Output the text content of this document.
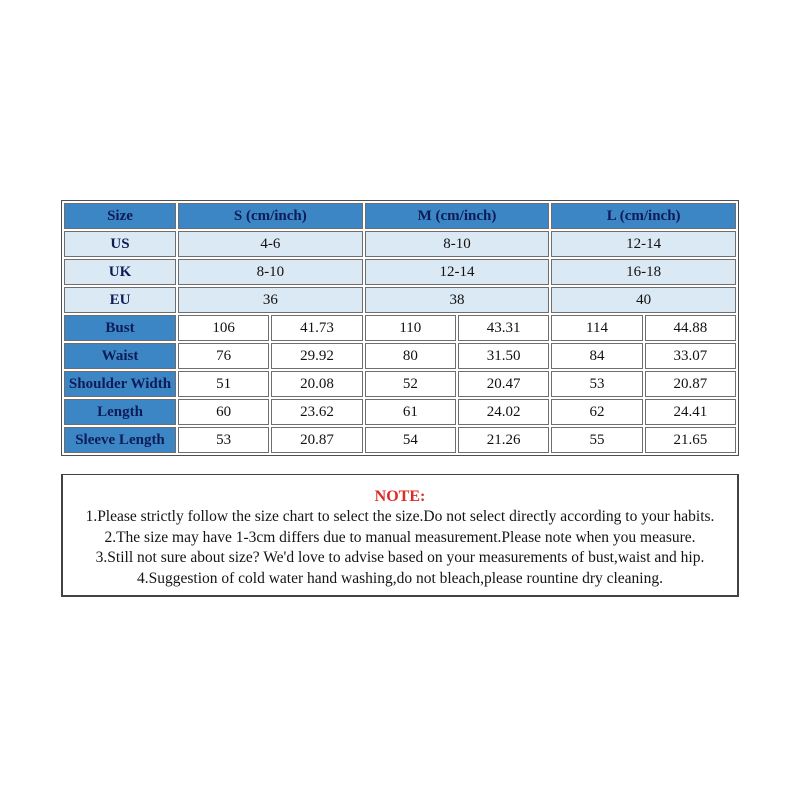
Size	S (cm/inch)		M (cm/inch)		L (cm/inch)	
US	4-6		8-10		12-14	
UK	8-10		12-14		16-18	
EU	36		38		40	
Bust	106	41.73	110	43.31	114	44.88
Waist	76	29.92	80	31.50	84	33.07
Shoulder Width	51	20.08	52	20.47	53	20.87
Length	60	23.62	61	24.02	62	24.41
Sleeve Length	53	20.87	54	21.26	55	21.65
NOTE:
1.Please strictly follow the size chart to select the size.Do not select directly according to your habits.
2.The size may have 1-3cm differs due to manual measurement.Please note when you measure.
3.Still not sure about size? We'd love to advise based on your measurements of bust,waist and hip.
4.Suggestion of cold water hand washing,do not bleach,please rountine dry cleaning.
